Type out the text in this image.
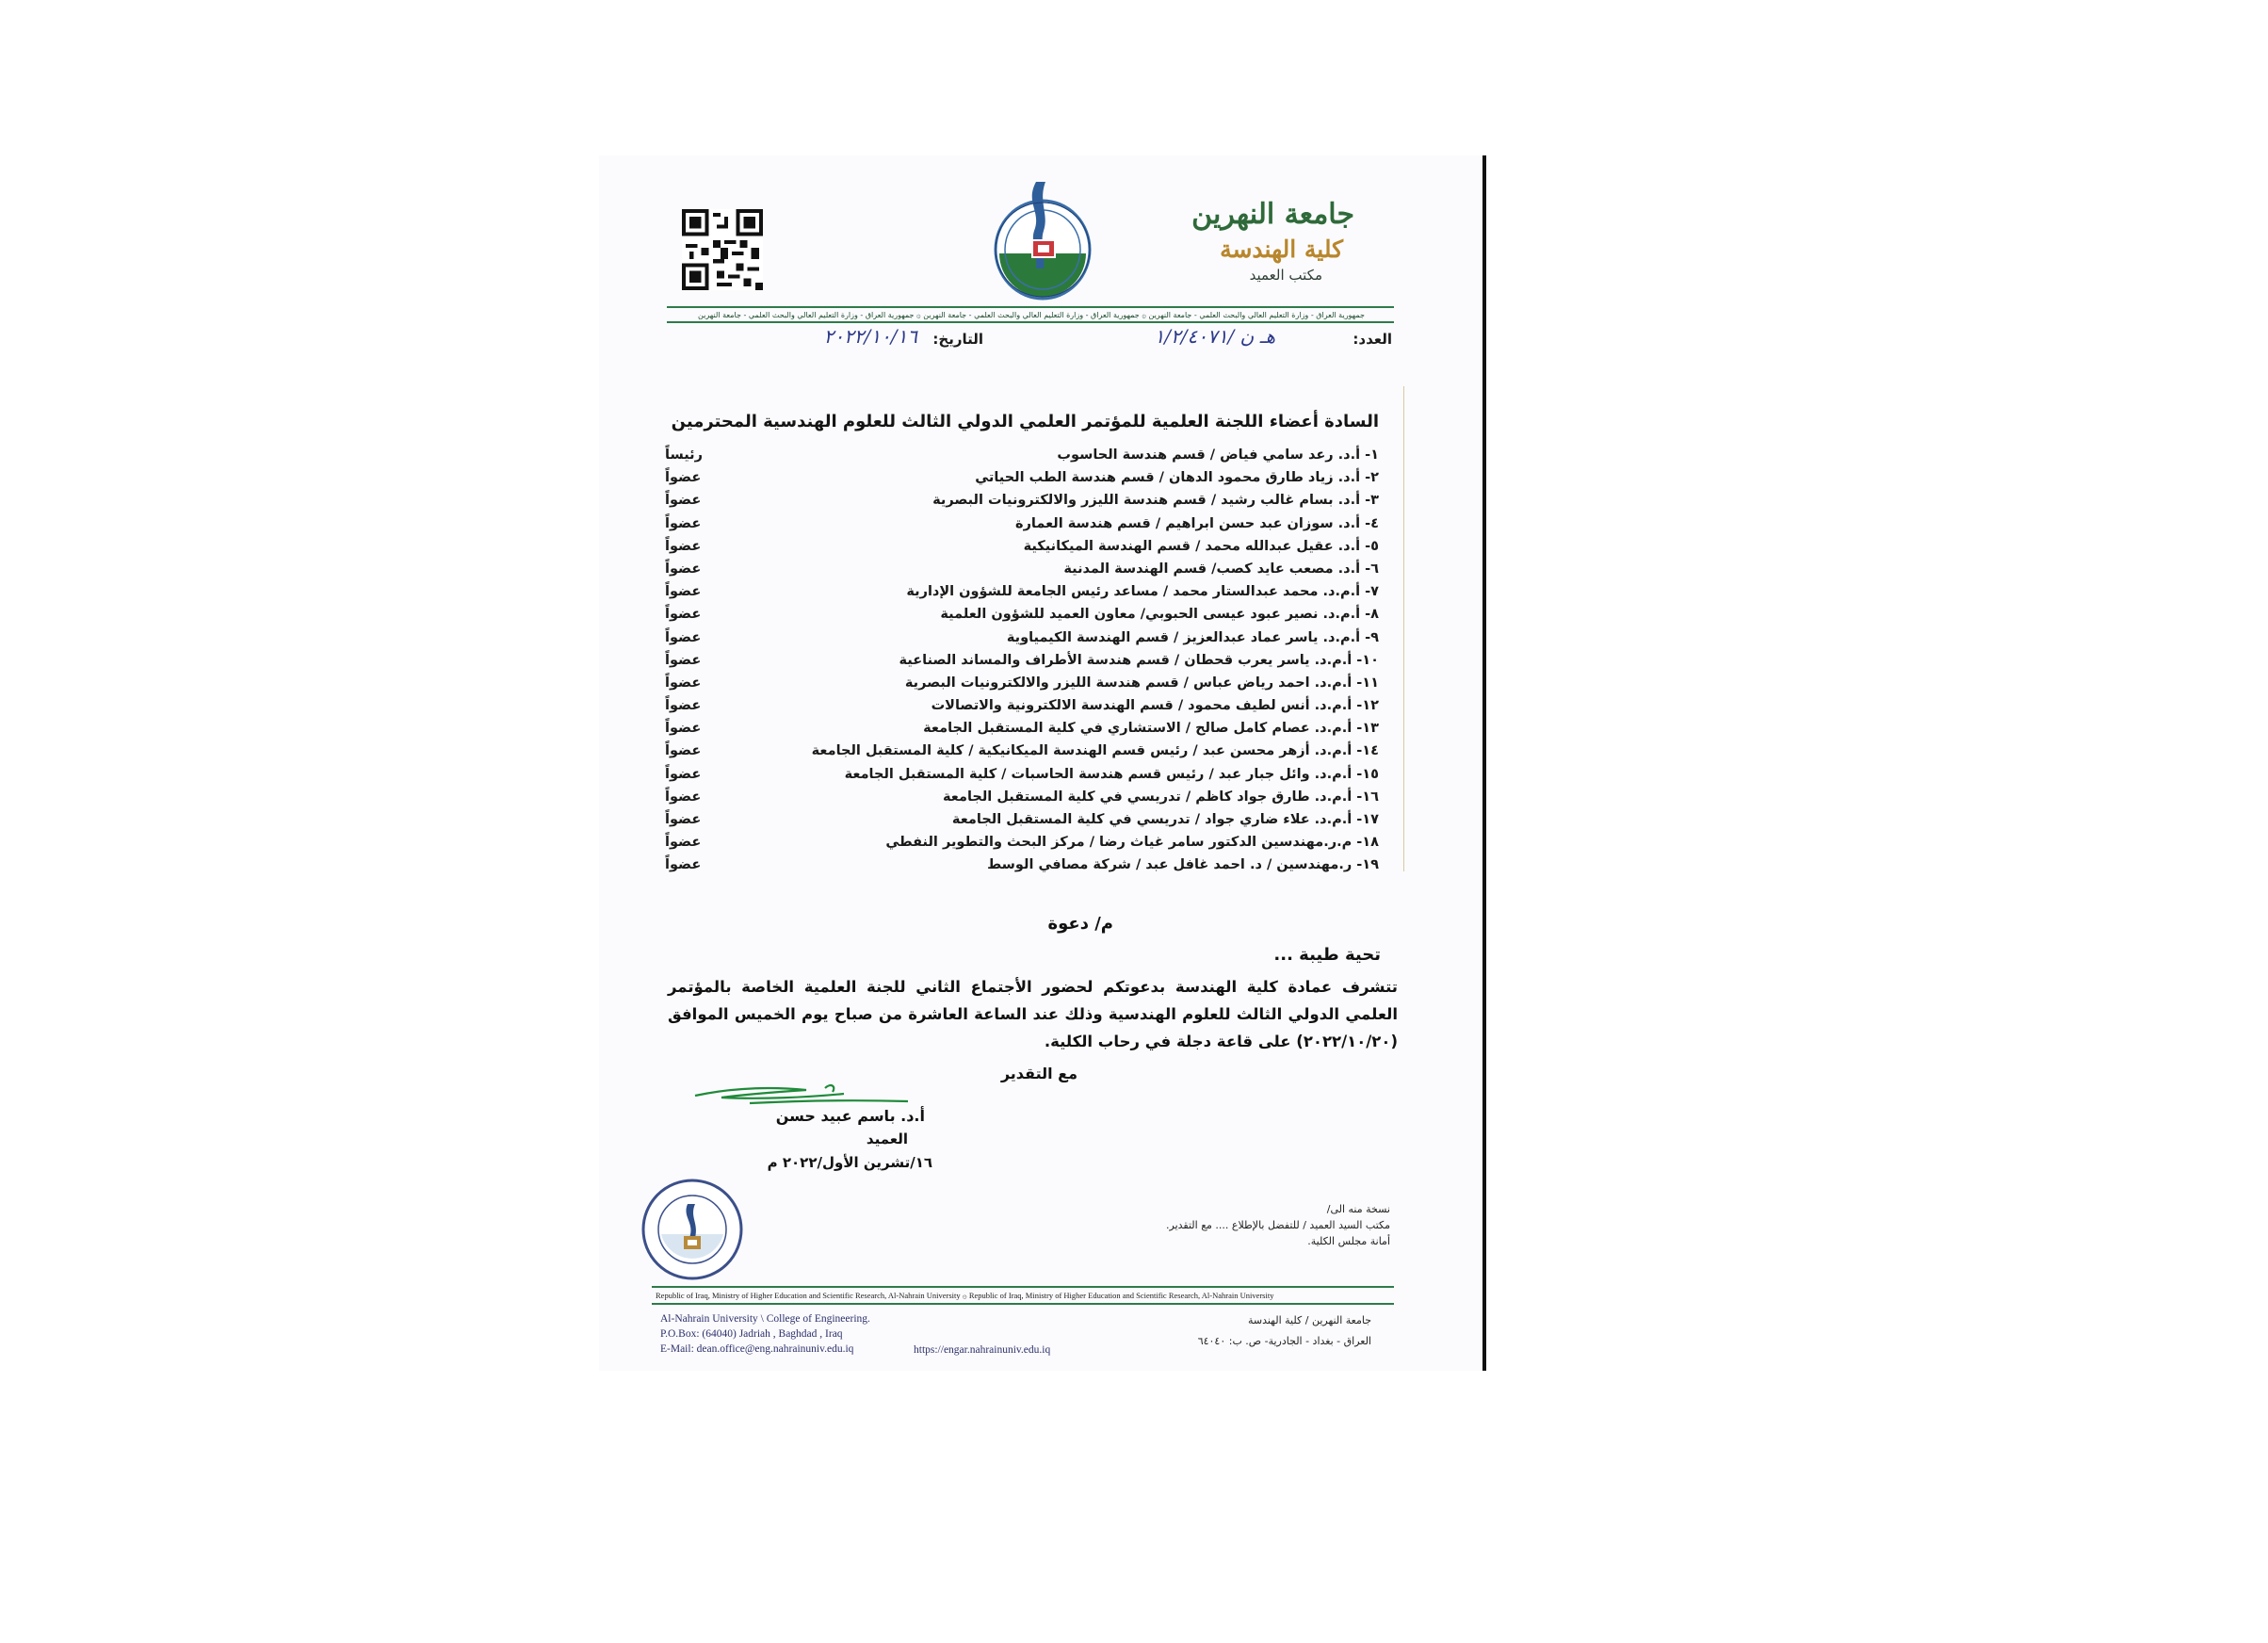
جامعة النهرين
كلية الهندسة
مكتب العميد
جمهورية العراق - وزارة التعليم العالي والبحث العلمي - جامعة النهرين ۞ جمهورية العراق - وزارة التعليم العالي والبحث العلمي - جامعة النهرين ۞ جمهورية العراق - وزارة التعليم العالي والبحث العلمي - جامعة النهرين
العدد:
هـ ن /١/٢/٤٠٧١
التاريخ:
٢٠٢٢/١٠/١٦
السادة أعضاء اللجنة العلمية للمؤتمر العلمي الدولي الثالث للعلوم الهندسية المحترمين
١- أ.د. رعد سامي فياض / قسم هندسة الحاسوب
رئيساً
٢- أ.د. زياد طارق محمود الدهان / قسم هندسة الطب الحياتي
عضواً
٣- أ.د. بسام غالب رشيد / قسم هندسة الليزر والالكترونيات البصرية
عضواً
٤- أ.د. سوزان عبد حسن ابراهيم / قسم هندسة العمارة
عضواً
٥- أ.د. عقيل عبدالله محمد / قسم الهندسة الميكانيكية
عضواً
٦- أ.د. مصعب عايد كصب/ قسم الهندسة المدنية
عضواً
٧- أ.م.د. محمد عبدالستار محمد / مساعد رئيس الجامعة للشؤون الإدارية
عضواً
٨- أ.م.د. نصير عبود عيسى الحبوبي/ معاون العميد للشؤون العلمية
عضواً
٩- أ.م.د. ياسر عماد عبدالعزيز / قسم الهندسة الكيمياوية
عضواً
١٠- أ.م.د. ياسر يعرب قحطان / قسم هندسة الأطراف والمساند الصناعية
عضواً
١١- أ.م.د. احمد رياض عباس / قسم هندسة الليزر والالكترونيات البصرية
عضواً
١٢- أ.م.د. أنس لطيف محمود / قسم الهندسة الالكترونية والاتصالات
عضواً
١٣- أ.م.د. عصام كامل صالح / الاستشاري في كلية المستقبل الجامعة
عضواً
١٤- أ.م.د. أزهر محسن عبد / رئيس قسم الهندسة الميكانيكية / كلية المستقبل الجامعة
عضواً
١٥- أ.م.د. وائل جبار عبد / رئيس قسم هندسة الحاسبات / كلية المستقبل الجامعة
عضواً
١٦- أ.م.د. طارق جواد كاظم / تدريسي في كلية المستقبل الجامعة
عضواً
١٧- أ.م.د. علاء ضاري جواد / تدريسي في كلية المستقبل الجامعة
عضواً
١٨- م.ر.مهندسين الدكتور سامر غياث رضا / مركز البحث والتطوير النفطي
عضواً
١٩- ر.مهندسين / د. احمد غافل عبد / شركة مصافي الوسط
عضواً
م/ دعوة
تحية طيبة ...
تتشرف عمادة كلية الهندسة بدعوتكم لحضور الأجتماع الثاني للجنة العلمية الخاصة بالمؤتمر العلمي الدولي الثالث للعلوم الهندسية وذلك عند الساعة العاشرة من صباح يوم الخميس الموافق (٢٠٢٢/١٠/٢٠) على قاعة دجلة في رحاب الكلية.
مع التقدير
أ.د. باسم عبيد حسن
العميد
١٦/تشرين الأول/٢٠٢٢ م
نسخة منه الى/
مكتب السيد العميد / للتفضل بالإطلاع .... مع التقدير.
أمانة مجلس الكلية.
Republic of Iraq, Ministry of Higher Education and Scientific Research, Al-Nahrain University ۞ Republic of Iraq, Ministry of Higher Education and Scientific Research, Al-Nahrain University
Al-Nahrain University \ College of Engineering.
P.O.Box: (64040) Jadriah , Baghdad , Iraq
E-Mail: dean.office@eng.nahrainuniv.edu.iq	https://engar.nahrainuniv.edu.iq
جامعة النهرين / كلية الهندسة
العراق - بغداد - الجادرية- ص. ب: ٦٤٠٤٠
